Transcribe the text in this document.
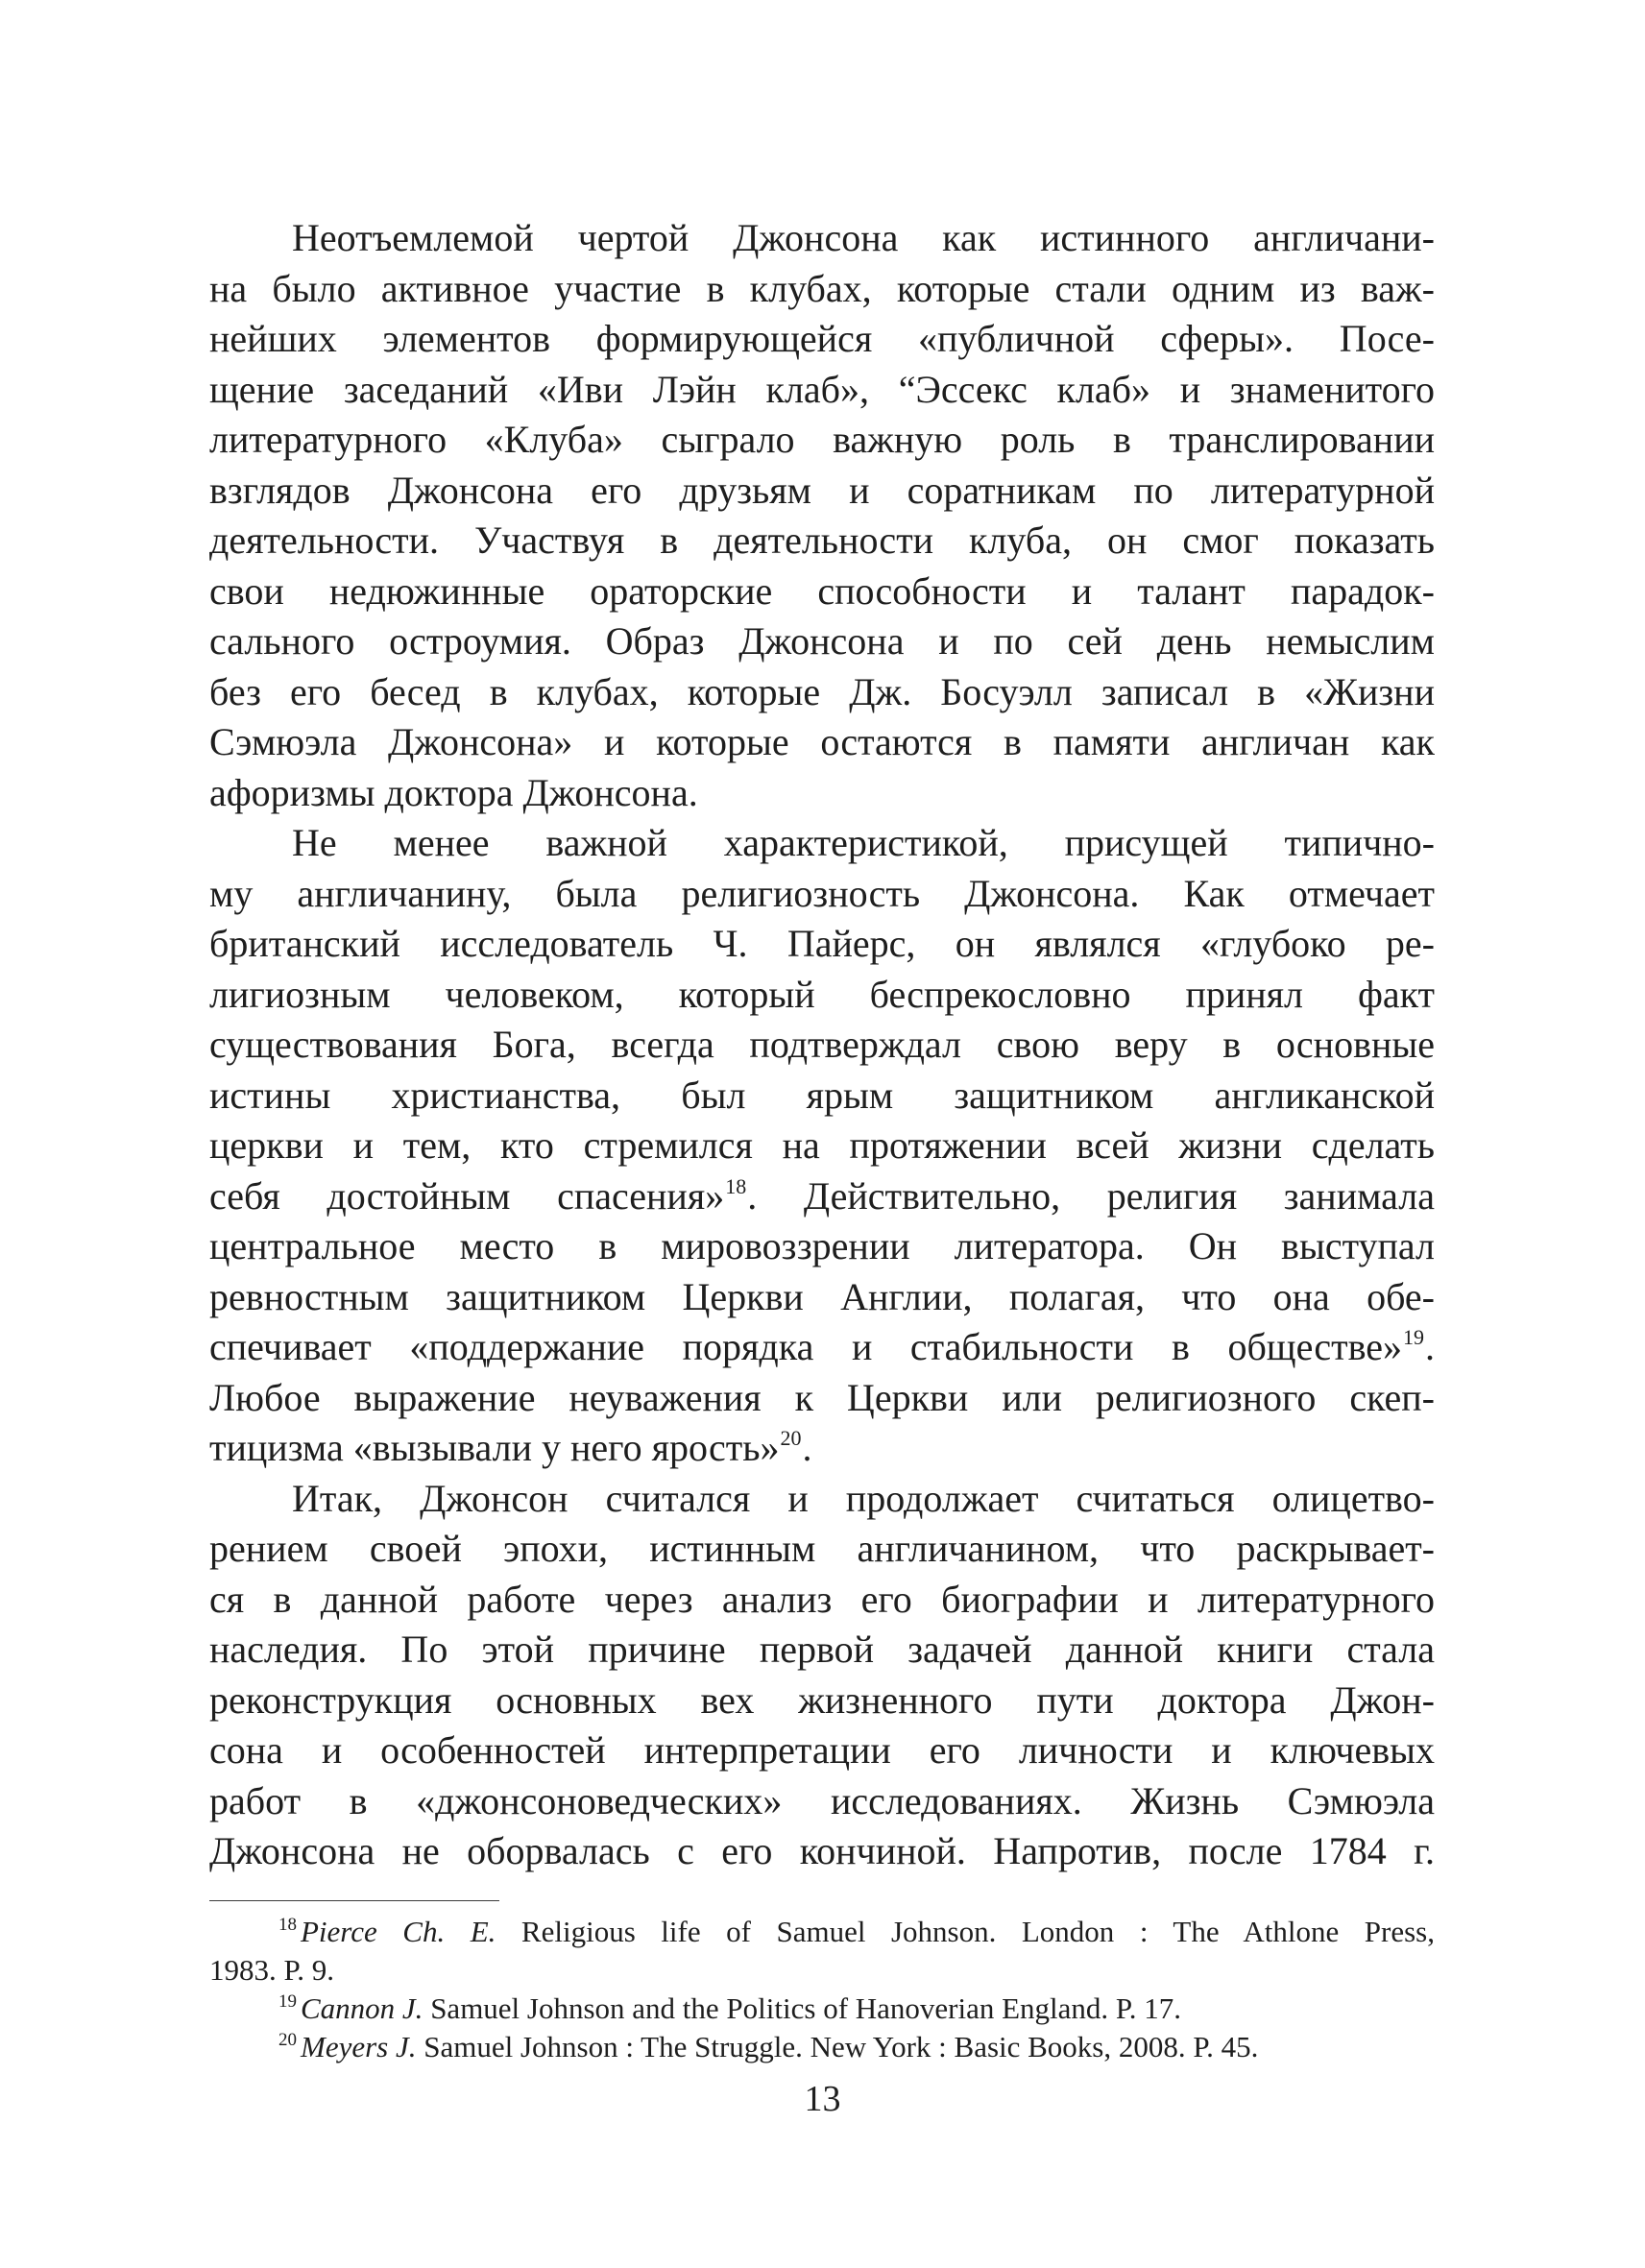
Неотъемлемой чертой Джонсона как истинного англичани-
на было активное участие в клубах, которые стали одним из важ-
нейших элементов формирующейся «публичной сферы». Посе-
щение заседаний «Иви Лэйн клаб», “Эссекс клаб» и знаменитого
литературного «Клуба» сыграло важную роль в транслировании
взглядов Джонсона его друзьям и соратникам по литературной
деятельности. Участвуя в деятельности клуба, он смог показать
свои недюжинные ораторские способности и талант парадок-
сального остроумия. Образ Джонсона и по сей день немыслим
без его бесед в клубах, которые Дж. Босуэлл записал в «Жизни
Сэмюэла Джонсона» и которые остаются в памяти англичан как
афоризмы доктора Джонсона.
Не менее важной характеристикой, присущей типично-
му англичанину, была религиозность Джонсона. Как отмечает
британский исследователь Ч. Пайерс, он являлся «глубоко ре-
лигиозным человеком, который беспрекословно принял факт
существования Бога, всегда подтверждал свою веру в основные
истины христианства, был ярым защитником англиканской
церкви и тем, кто стремился на протяжении всей жизни сделать
себя достойным спасения»$^{18}$. Действительно, религия занимала
центральное место в мировоззрении литератора. Он выступал
ревностным защитником Церкви Англии, полагая, что она обе-
спечивает «поддержание порядка и стабильности в обществе»$^{19}$.
Любое выражение неуважения к Церкви или религиозного скеп-
тицизма «вызывали у него ярость»$^{20}$.
Итак, Джонсон считался и продолжает считаться олицетво-
рением своей эпохи, истинным англичанином, что раскрывает-
ся в данной работе через анализ его биографии и литературного
наследия. По этой причине первой задачей данной книги стала
реконструкция основных вех жизненного пути доктора Джон-
сона и особенностей интерпретации его личности и ключевых
работ в «джонсоноведческих» исследованиях. Жизнь Сэмюэла
Джонсона не оборвалась с его кончиной. Напротив, после 1784 г.
$^{18}$ Pierce Ch. E. Religious life of Samuel Johnson. London : The Athlone Press,
1983. P. 9.
$^{19}$ Cannon J. Samuel Johnson and the Politics of Hanoverian England. P. 17.
$^{20}$ Meyers J. Samuel Johnson : The Struggle. New York : Basic Books, 2008. P. 45.
13
